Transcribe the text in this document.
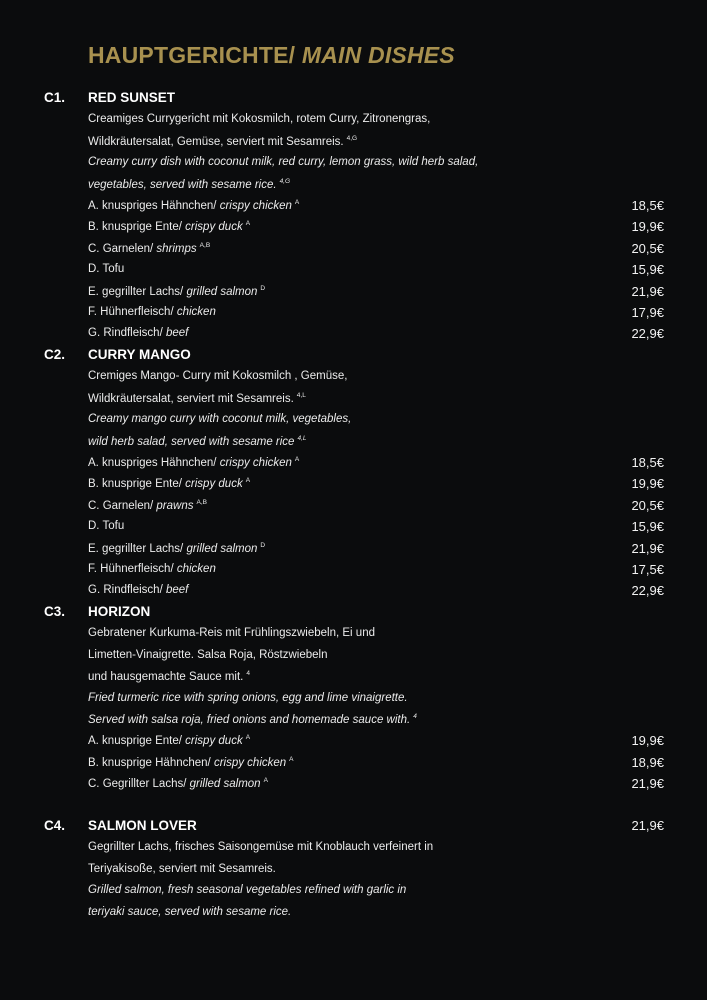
HAUPTGERICHTE/ MAIN DISHES
C1. RED SUNSET
Creamiges Currygericht mit Kokosmilch, rotem Curry, Zitronengras,
Wildkräutersalat, Gemüse, serviert mit Sesamreis. $^{4,G}$
Creamy curry dish with coconut milk, red curry, lemon grass, wild herb salad,
vegetables, served with sesame rice. $^{4,G}$
A. knuspriges Hähnchen/ crispy chicken $^A$	18,5€
B. knusprige Ente/ crispy duck $^A$	19,9€
C. Garnelen/ shrimps $^{A,B}$	20,5€
D. Tofu	15,9€
E. gegrillter Lachs/ grilled salmon $^D$	21,9€
F. Hühnerfleisch/ chicken	17,9€
G. Rindfleisch/ beef	22,9€
C2. CURRY MANGO
Cremiges Mango- Curry mit Kokosmilch , Gemüse,
Wildkräutersalat, serviert mit Sesamreis. $^{4,L}$
Creamy mango curry with coconut milk, vegetables,
wild herb salad, served with sesame rice $^{4,L}$
A. knuspriges Hähnchen/ crispy chicken $^A$	18,5€
B. knusprige Ente/ crispy duck $^A$	19,9€
C. Garnelen/ prawns $^{A,B}$	20,5€
D. Tofu	15,9€
E. gegrillter Lachs/ grilled salmon $^D$	21,9€
F. Hühnerfleisch/ chicken	17,5€
G. Rindfleisch/ beef	22,9€
C3. HORIZON
Gebratener Kurkuma-Reis mit Frühlingszwiebeln, Ei und
Limetten-Vinaigrette. Salsa Roja, Röstzwiebeln
und hausgemachte Sauce mit. $^4$
Fried turmeric rice with spring onions, egg and lime vinaigrette.
Served with salsa roja, fried onions and homemade sauce with. $^4$
A. knusprige Ente/ crispy duck $^A$	19,9€
B. knusprige Hähnchen/ crispy chicken $^A$	18,9€
C. Gegrillter Lachs/ grilled salmon $^A$	21,9€
C4. SALMON LOVER	21,9€
Gegrillter Lachs, frisches Saisongemüse mit Knoblauch verfeinert in
Teriyakisoße, serviert mit Sesamreis.
Grilled salmon, fresh seasonal vegetables refined with garlic in
teriyaki sauce, served with sesame rice.
